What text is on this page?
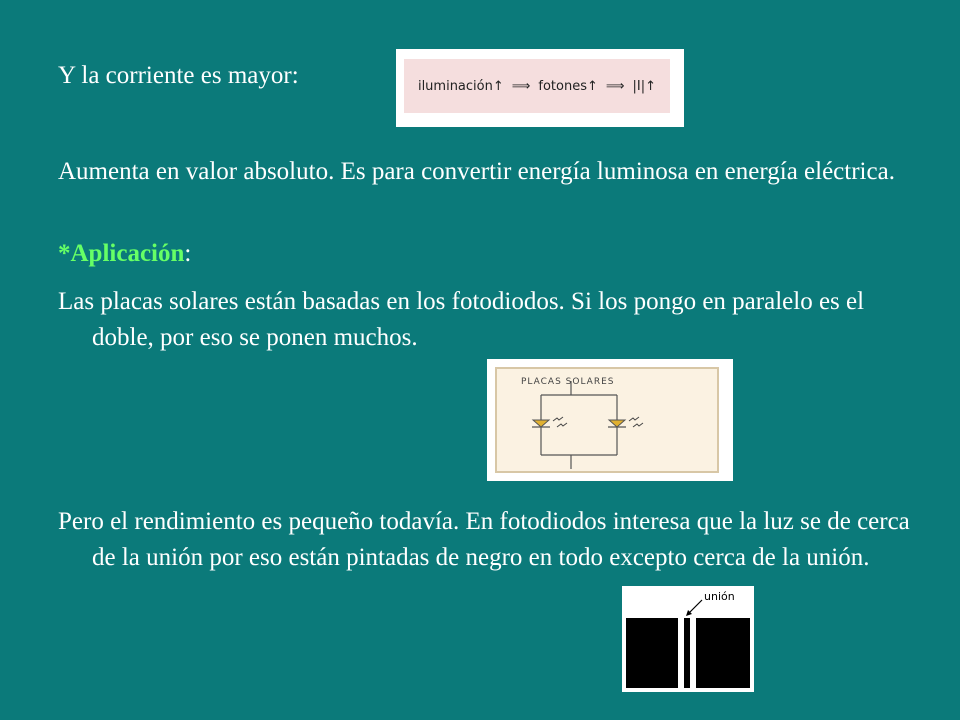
Y la corriente es mayor:	iluminación ↑ ⟹ fotones ↑ ⟹ |I| ↑

Aumenta en valor absoluto. Es para convertir energía luminosa en energía eléctrica.

*Aplicación:

Las placas solares están basadas en los fotodiodos. Si los pongo en paralelo es el doble, por eso se ponen muchos.

PLACAS SOLARES

Pero el rendimiento es pequeño todavía. En fotodiodos interesa que la luz se de cerca de la unión por eso están pintadas de negro en todo excepto cerca de la unión.

unión
